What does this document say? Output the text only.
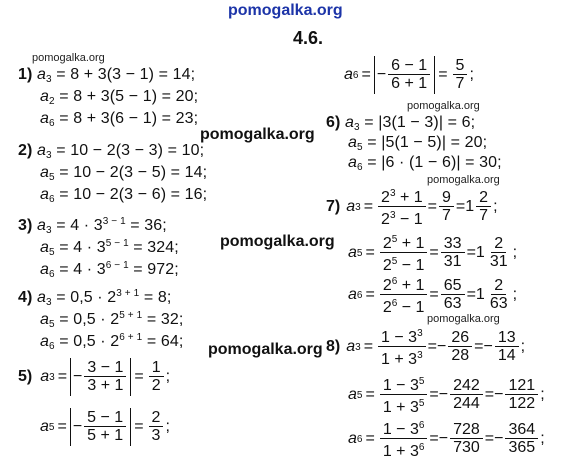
pomogalka.org
pomogalka.org
pomogalka.org
pomogalka.org
pomogalka.org
pomogalka.org
pomogalka.org
pomogalka.org
4.6.
1) $a_3 = 8 + 3(3 - 1) = 14$;
$a_2 = 8 + 3(5 - 1) = 20$;
$a_6 = 8 + 3(6 - 1) = 23$;
2) $a_3 = 10 - 2(3 - 3) = 10$;
$a_5 = 10 - 2(3 - 5) = 14$;
$a_6 = 10 - 2(3 - 6) = 16$;
3) $a_3 = 4 \cdot 3^{3 - 1} = 36$;
$a_5 = 4 \cdot 3^{5 - 1} = 324$;
$a_6 = 4 \cdot 3^{6 - 1} = 972$;
4) $a_3 = 0,5 \cdot 2^{3 + 1} = 8$;
$a_5 = 0,5 \cdot 2^{5 + 1} = 32$;
$a_6 = 0,5 \cdot 2^{6 + 1} = 64$;
5) a 3 = − $\frac{3 - 1}{3 + 1} = \frac{1}{2}$ ;
a 5 = − $\frac{5 - 1}{5 + 1} = \frac{2}{3}$ ;
a 6 = − $\frac{6 - 1}{6 + 1} = \frac{5}{7}$ ;
6) $a_3 = |3(1 - 3)| = 6$;
$a_5 = |5(1 - 5)| = 20$;
$a_6 = |6 \cdot (1 - 6)| = 30$;
7) a $3 = \frac{2^3 + 1}{2^3 - 1} = \frac{9}{7} = 1 \frac{2}{7}$ ;
a $5 = \frac{2^5 + 1}{2^5 - 1} = \frac{33}{31} = 1 \frac{2}{31}$ ;
a $6 = \frac{2^6 + 1}{2^6 - 1} = \frac{65}{63} = 1 \frac{2}{63}$ ;
8) a $3 = \frac{1 - 3^3}{1 + 3^3}$ = − $\frac{26}{28}$ = − $\frac{13}{14}$ ;
a $5 = \frac{1 - 3^5}{1 + 3^5}$ = − $\frac{242}{244}$ = − $\frac{121}{122}$ ;
a $6 = \frac{1 - 3^6}{1 + 3^6}$ = − $\frac{728}{730}$ = − $\frac{364}{365}$ ;
